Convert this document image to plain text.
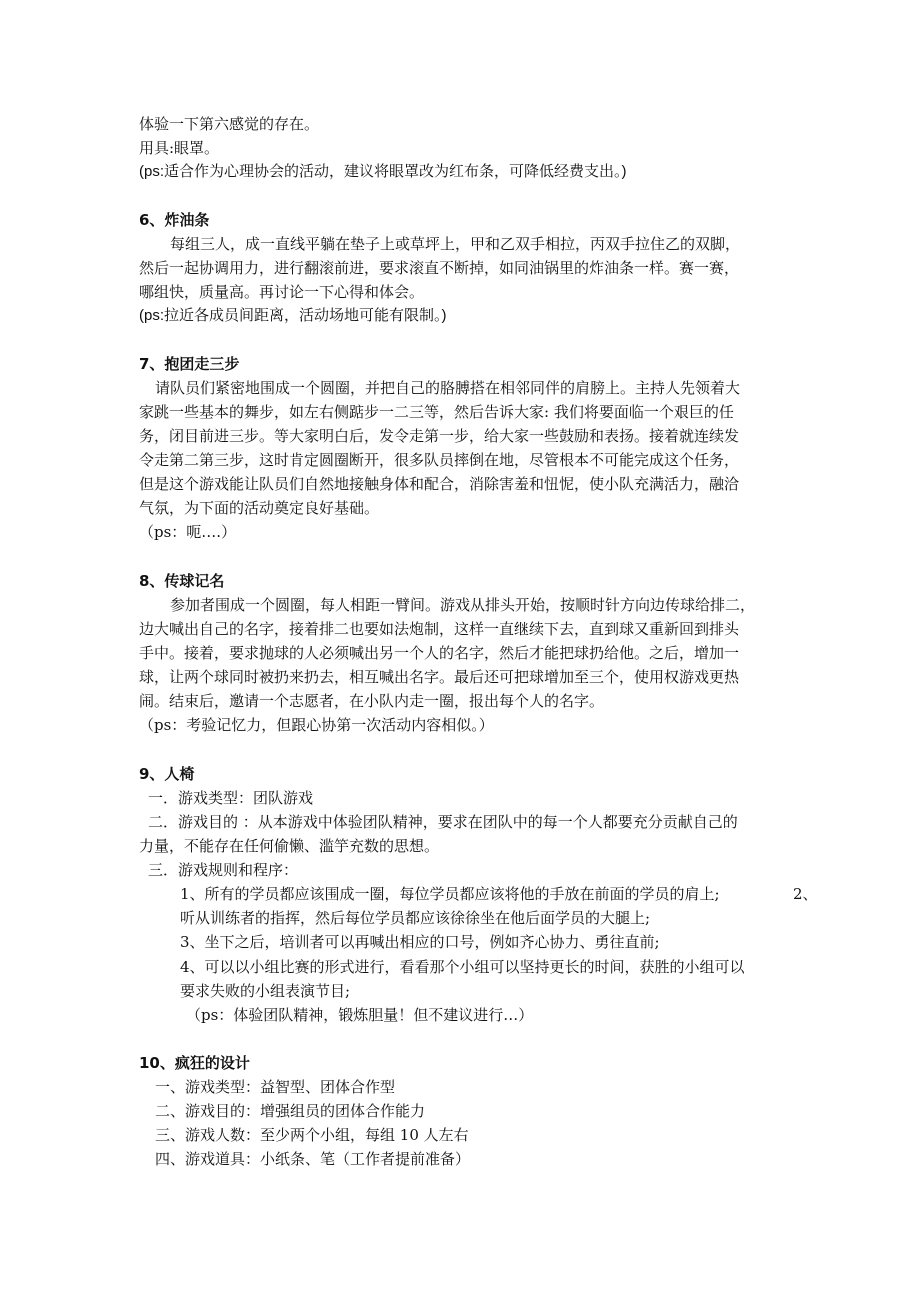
体验一下第六感觉的存在。
用具:眼罩。
(ps:适合作为心理协会的活动，建议将眼罩改为红布条，可降低经费支出。)
6、炸油条
每组三人，成一直线平躺在垫子上或草坪上，甲和乙双手相拉，丙双手拉住乙的双脚，
然后一起协调用力，进行翻滚前进，要求滚直不断掉，如同油锅里的炸油条一样。赛一赛，
哪组快，质量高。再讨论一下心得和体会。
(ps:拉近各成员间距离，活动场地可能有限制。)
7、抱团走三步
请队员们紧密地围成一个圆圈，并把自己的胳膊搭在相邻同伴的肩膀上。主持人先领着大
家跳一些基本的舞步，如左右侧踮步一二三等，然后告诉大家: 我们将要面临一个艰巨的任
务，闭目前进三步。等大家明白后，发令走第一步，给大家一些鼓励和表扬。接着就连续发
令走第二第三步，这时肯定圆圈断开，很多队员摔倒在地，尽管根本不可能完成这个任务，
但是这个游戏能让队员们自然地接触身体和配合，消除害羞和忸怩，使小队充满活力，融洽
气氛，为下面的活动奠定良好基础。
（ps：呃….）
8、传球记名
参加者围成一个圆圈，每人相距一臂间。游戏从排头开始，按顺时针方向边传球给排二，
边大喊出自己的名字，接着排二也要如法炮制，这样一直继续下去，直到球又重新回到排头
手中。接着，要求抛球的人必须喊出另一个人的名字，然后才能把球扔给他。之后，增加一
球，让两个球同时被扔来扔去，相互喊出名字。最后还可把球增加至三个，使用权游戏更热
闹。结束后，邀请一个志愿者，在小队内走一圈，报出每个人的名字。
（ps：考验记忆力，但跟心协第一次活动内容相似。）
9、人椅
一．游戏类型：团队游戏
二．游戏目的 ：从本游戏中体验团队精神，要求在团队中的每一个人都要充分贡献自己的
力量，不能存在任何偷懒、滥竽充数的思想。
三．游戏规则和程序：
1、所有的学员都应该围成一圈，每位学员都应该将他的手放在前面的学员的肩上;	2、
听从训练者的指挥，然后每位学员都应该徐徐坐在他后面学员的大腿上;
3、坐下之后，培训者可以再喊出相应的口号，例如齐心协力、勇往直前;
4、可以以小组比赛的形式进行，看看那个小组可以坚持更长的时间，获胜的小组可以
要求失败的小组表演节目;
（ps：体验团队精神，锻炼胆量！但不建议进行…）
10、疯狂的设计
一、游戏类型：益智型、团体合作型
二、游戏目的：增强组员的团体合作能力
三、游戏人数：至少两个小组，每组 10 人左右
四、游戏道具：小纸条、笔（工作者提前准备）
